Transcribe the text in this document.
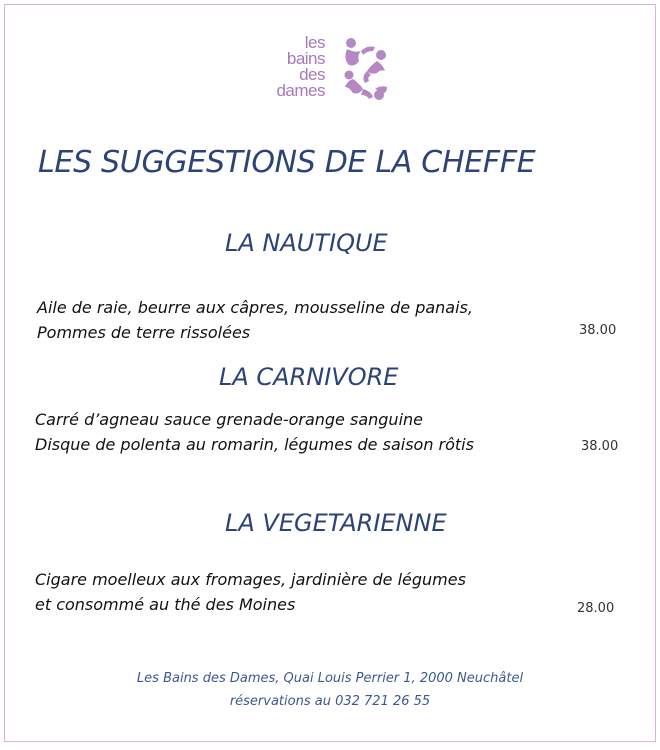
les
bains
des
dames
LES SUGGESTIONS DE LA CHEFFE
LA NAUTIQUE
Aile de raie, beurre aux câpres, mousseline de panais,
Pommes de terre rissolées	38.00
LA CARNIVORE
Carré d’agneau sauce grenade-orange sanguine
Disque de polenta au romarin, légumes de saison rôtis	38.00
LA VEGETARIENNE
Cigare moelleux aux fromages, jardinière de légumes
et consommé au thé des Moines	28.00
Les Bains des Dames, Quai Louis Perrier 1, 2000 Neuchâtel
réservations au 032 721 26 55
